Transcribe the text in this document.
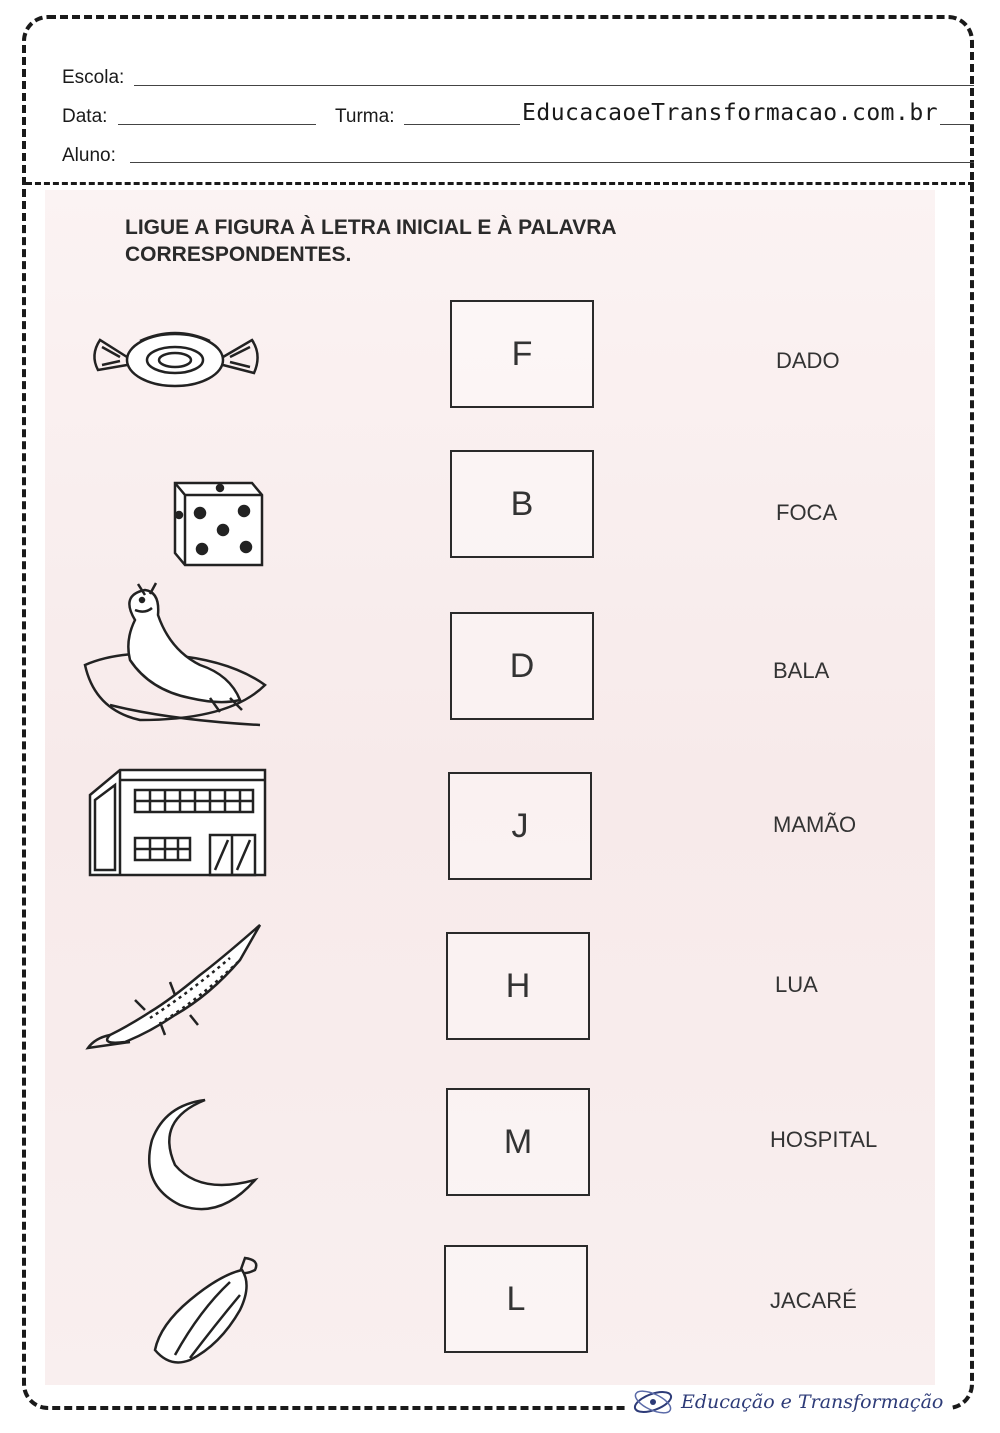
Escola:
Data:	Turma:	EducacaoeTransformacao.com.br
Aluno:

LIGUE A FIGURA À LETRA INICIAL E À PALAVRA
CORRESPONDENTES.

F	DADO
B	FOCA
D	BALA
J	MAMÃO
H	LUA
M	HOSPITAL
L	JACARÉ
Educação e Transformação
